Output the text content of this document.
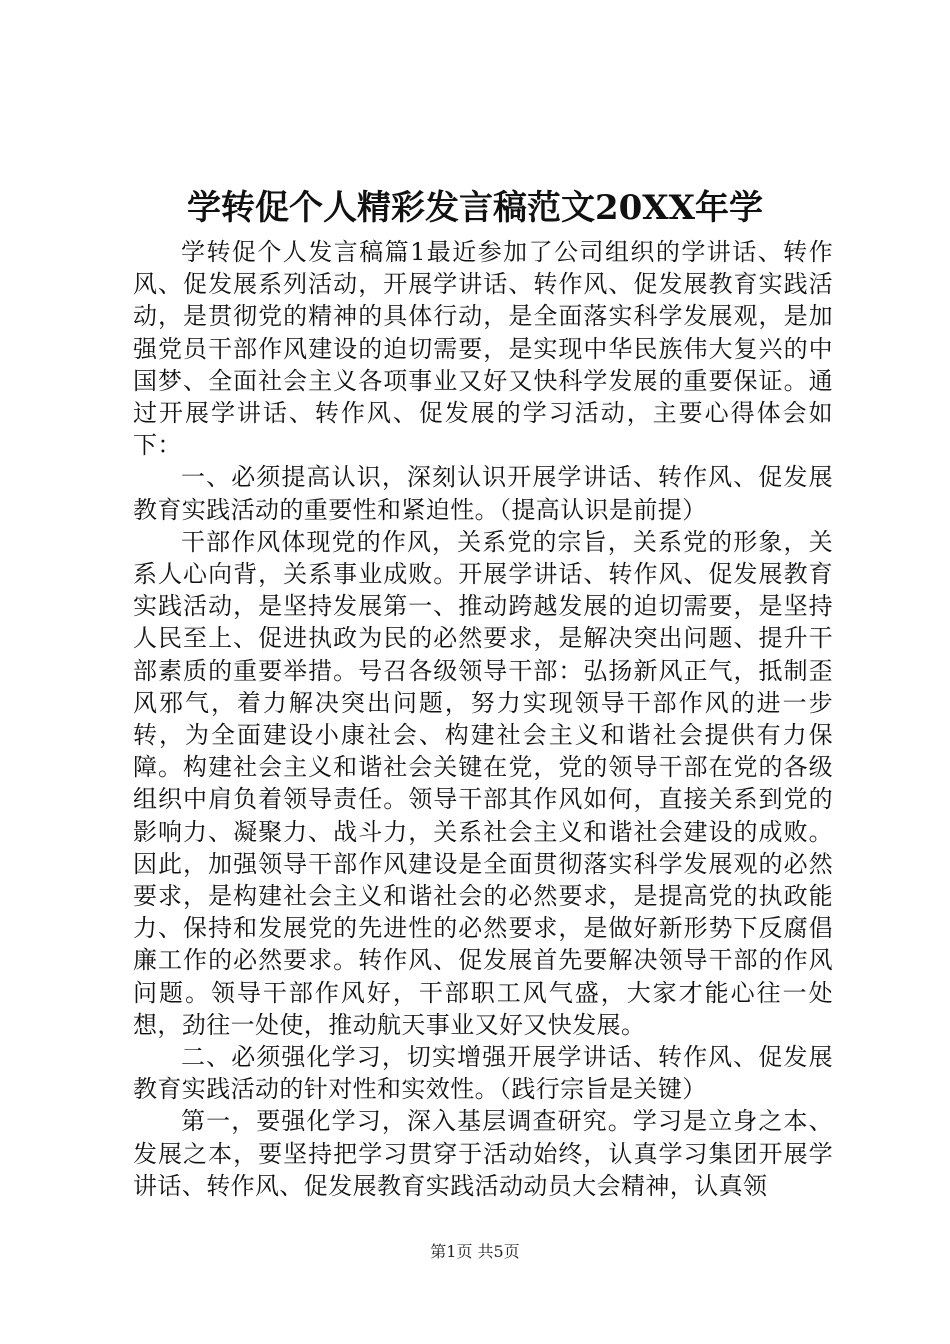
学转促个人精彩发言稿范文20XX年学

学转促个人发言稿篇1最近参加了公司组织的学讲话、转作风、促发展系列活动，开展学讲话、转作风、促发展教育实践活动，是贯彻党的精神的具体行动，是全面落实科学发展观，是加强党员干部作风建设的迫切需要，是实现中华民族伟大复兴的中国梦、全面社会主义各项事业又好又快科学发展的重要保证。通过开展学讲话、转作风、促发展的学习活动，主要心得体会如下：

一、必须提高认识，深刻认识开展学讲话、转作风、促发展教育实践活动的重要性和紧迫性。（提高认识是前提）

干部作风体现党的作风，关系党的宗旨，关系党的形象，关系人心向背，关系事业成败。开展学讲话、转作风、促发展教育实践活动，是坚持发展第一、推动跨越发展的迫切需要，是坚持人民至上、促进执政为民的必然要求，是解决突出问题、提升干部素质的重要举措。号召各级领导干部：弘扬新风正气，抵制歪风邪气，着力解决突出问题，努力实现领导干部作风的进一步转，为全面建设小康社会、构建社会主义和谐社会提供有力保障。构建社会主义和谐社会关键在党，党的领导干部在党的各级组织中肩负着领导责任。领导干部其作风如何，直接关系到党的影响力、凝聚力、战斗力，关系社会主义和谐社会建设的成败。因此，加强领导干部作风建设是全面贯彻落实科学发展观的必然要求，是构建社会主义和谐社会的必然要求，是提高党的执政能力、保持和发展党的先进性的必然要求，是做好新形势下反腐倡廉工作的必然要求。转作风、促发展首先要解决领导干部的作风问题。领导干部作风好，干部职工风气盛，大家才能心往一处想，劲往一处使，推动航天事业又好又快发展。

二、必须强化学习，切实增强开展学讲话、转作风、促发展教育实践活动的针对性和实效性。（践行宗旨是关键）

第一，要强化学习，深入基层调查研究。学习是立身之本、发展之本，要坚持把学习贯穿于活动始终，认真学习集团开展学讲话、转作风、促发展教育实践活动动员大会精神，认真领

第1页 共5页
